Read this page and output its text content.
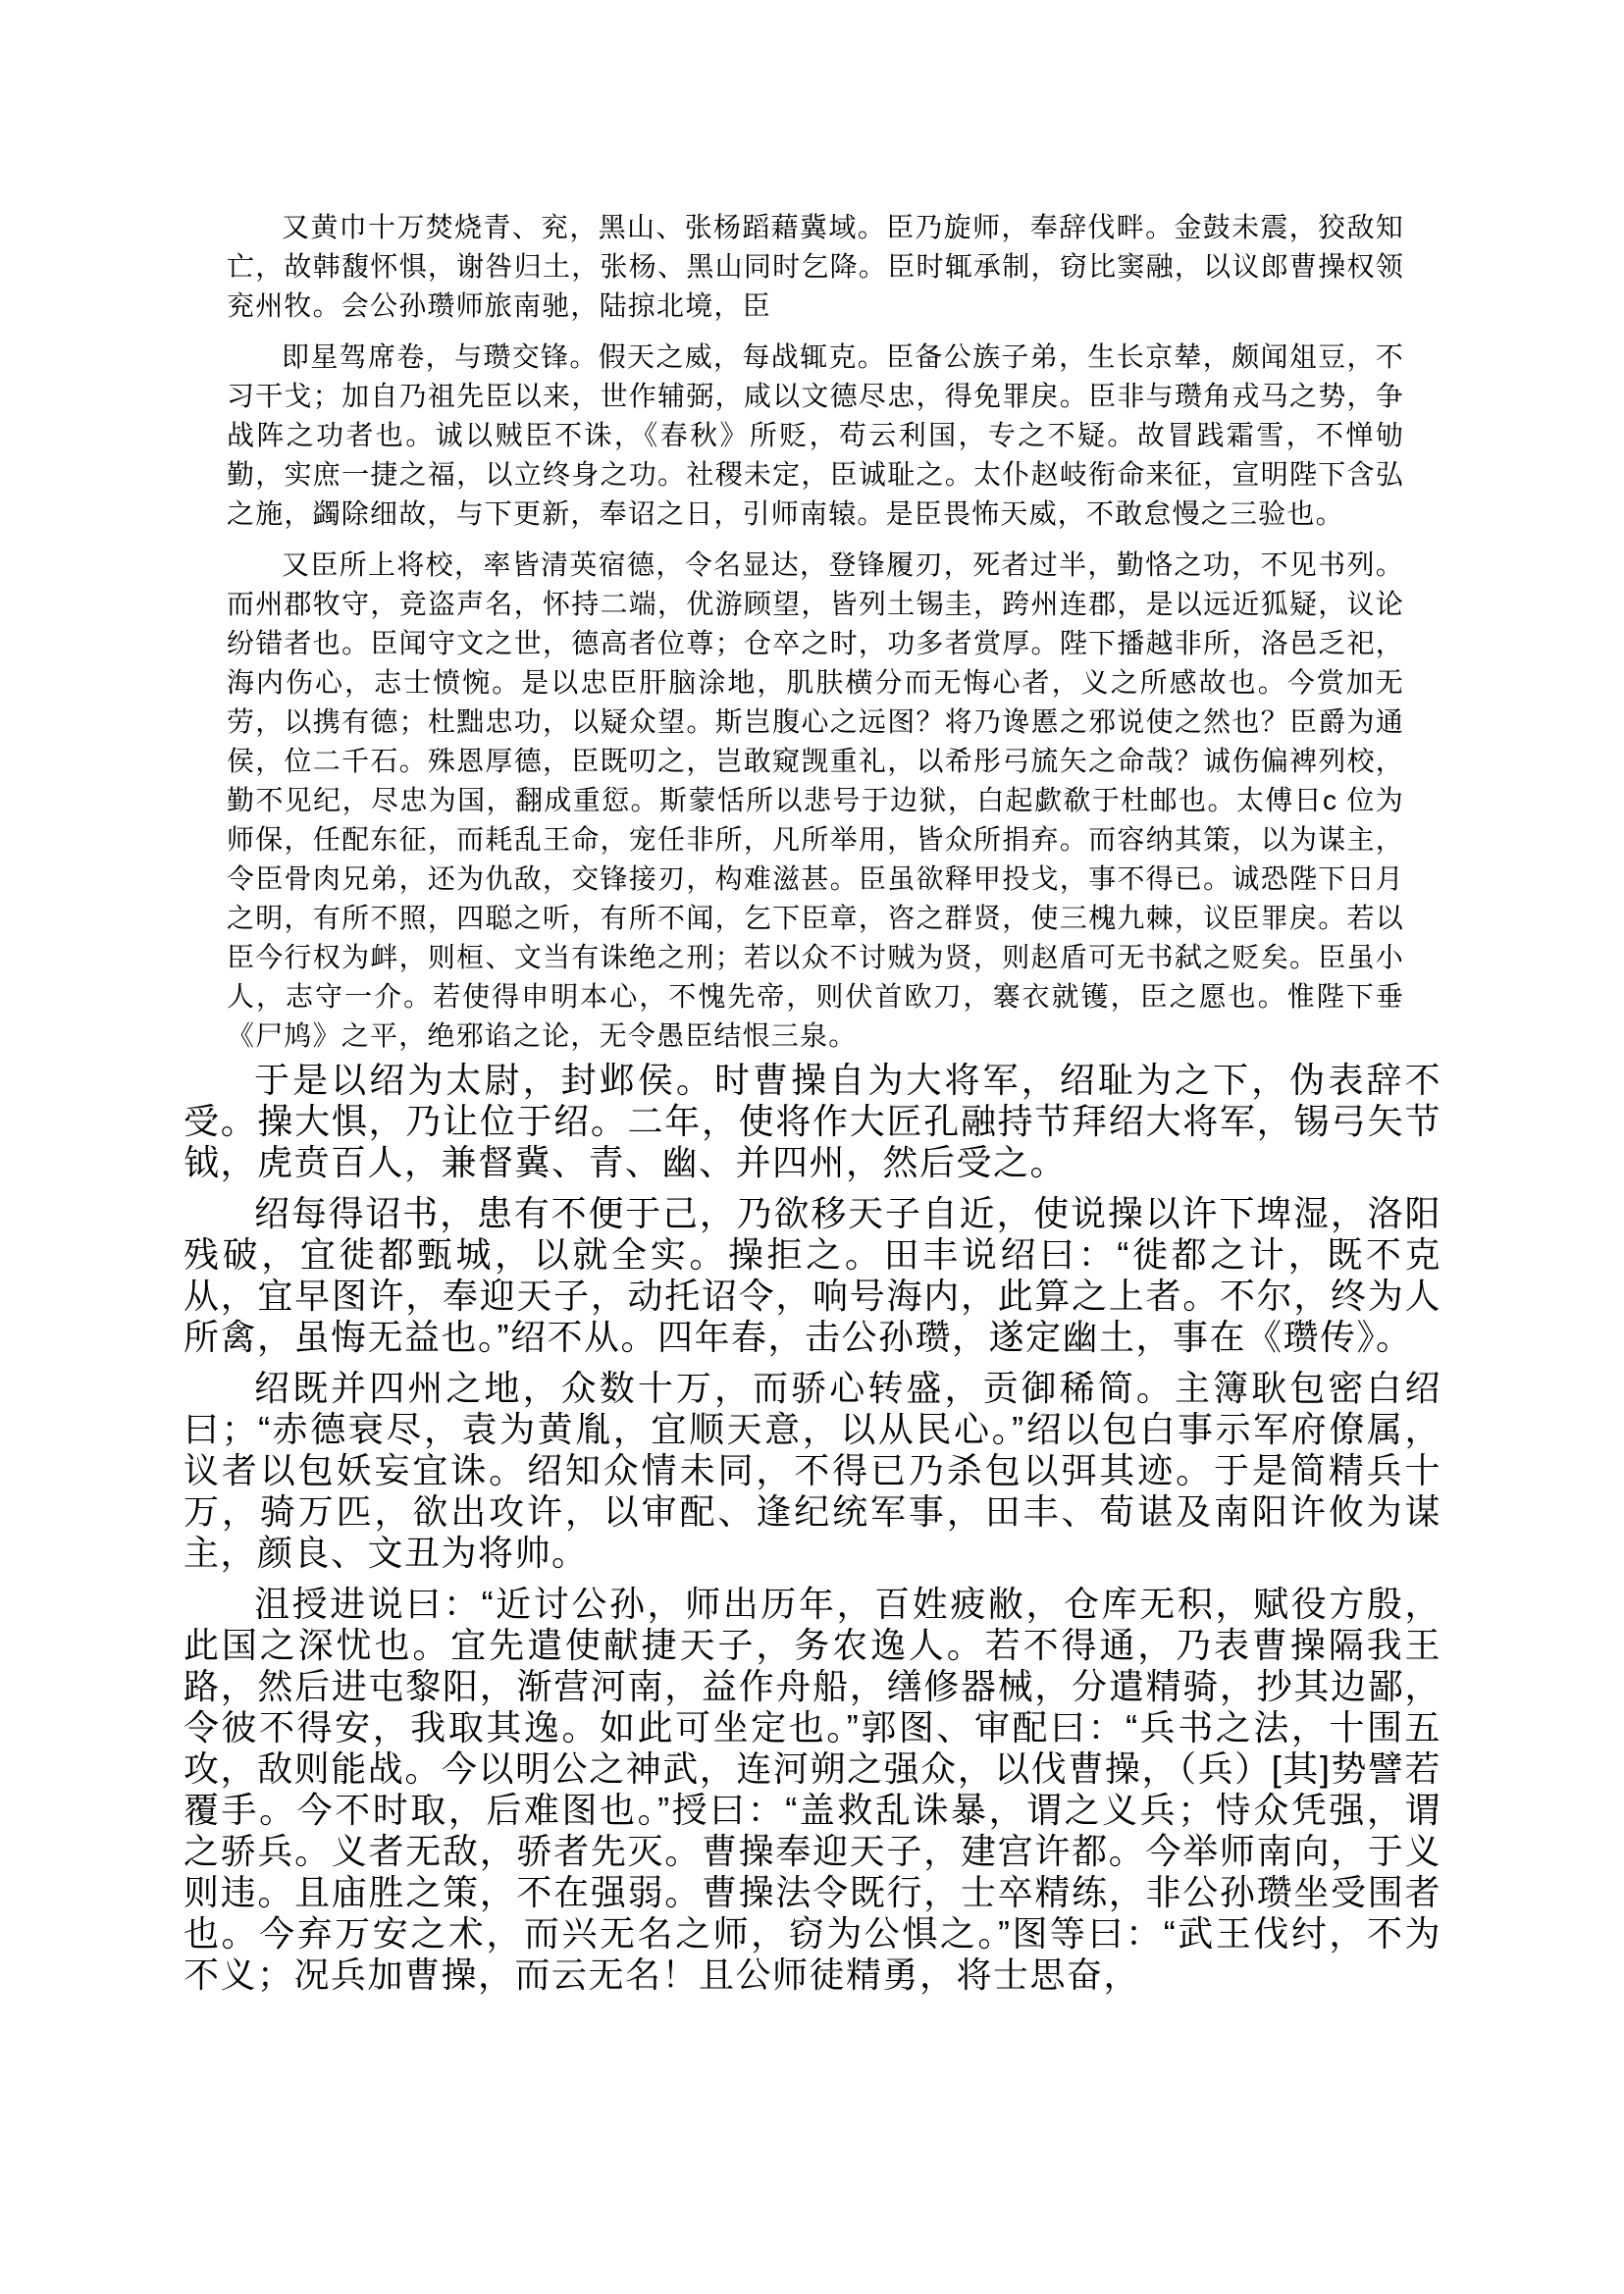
又黄巾十万焚烧青、兖，黑山、张杨蹈藉冀域。臣乃旋师，奉辞伐畔。金鼓未震，狡敌知亡，故韩馥怀惧，谢咎归土，张杨、黑山同时乞降。臣时辄承制，窃比窦融，以议郎曹操权领兖州牧。会公孙瓒师旅南驰，陆掠北境，臣

即星驾席卷，与瓒交锋。假天之威，每战辄克。臣备公族子弟，生长京辇，颇闻俎豆，不习干戈；加自乃祖先臣以来，世作辅弼，咸以文德尽忠，得免罪戾。臣非与瓒角戎马之势，争战阵之功者也。诚以贼臣不诛，《春秋》所贬，苟云利国，专之不疑。故冒践霜雪，不惮劬勤，实庶一捷之福，以立终身之功。社稷未定，臣诚耻之。太仆赵岐衔命来征，宣明陛下含弘之施，蠲除细故，与下更新，奉诏之日，引师南辕。是臣畏怖天威，不敢怠慢之三验也。

又臣所上将校，率皆清英宿德，令名显达，登锋履刃，死者过半，勤恪之功，不见书列。而州郡牧守，竞盗声名，怀持二端，优游顾望，皆列土锡圭，跨州连郡，是以远近狐疑，议论纷错者也。臣闻守文之世，德高者位尊；仓卒之时，功多者赏厚。陛下播越非所，洛邑乏祀，海内伤心，志士愤惋。是以忠臣肝脑涂地，肌肤横分而无悔心者，义之所感故也。今赏加无劳，以携有德；杜黜忠功，以疑众望。斯岂腹心之远图？将乃谗慝之邪说使之然也？臣爵为通侯，位二千石。殊恩厚德，臣既叨之，岂敢窥觊重礼，以希彤弓旈矢之命哉？诚伤偏裨列校，勤不见纪，尽忠为国，翻成重愆。斯蒙恬所以悲号于边狱，白起歔欷于杜邮也。太傅日c 位为师保，任配东征，而耗乱王命，宠任非所，凡所举用，皆众所捐弃。而容纳其策，以为谋主，令臣骨肉兄弟，还为仇敌，交锋接刃，构难滋甚。臣虽欲释甲投戈，事不得已。诚恐陛下日月之明，有所不照，四聪之听，有所不闻，乞下臣章，咨之群贤，使三槐九棘，议臣罪戾。若以臣今行权为衅，则桓、文当有诛绝之刑；若以众不讨贼为贤，则赵盾可无书弑之贬矣。臣虽小人，志守一介。若使得申明本心，不愧先帝，则伏首欧刀，褰衣就镬，臣之愿也。惟陛下垂《尸鸠》之平，绝邪谄之论，无令愚臣结恨三泉。

于是以绍为太尉，封邺侯。时曹操自为大将军，绍耻为之下，伪表辞不受。操大惧，乃让位于绍。二年，使将作大匠孔融持节拜绍大将军，锡弓矢节钺，虎贲百人，兼督冀、青、幽、并四州，然后受之。

绍每得诏书，患有不便于己，乃欲移天子自近，使说操以许下埤湿，洛阳残破，宜徙都甄城，以就全实。操拒之。田丰说绍曰：“徙都之计，既不克从，宜早图许，奉迎天子，动托诏令，响号海内，此算之上者。不尔，终为人所禽，虽悔无益也。”绍不从。四年春，击公孙瓒，遂定幽土，事在《瓒传》。

绍既并四州之地，众数十万，而骄心转盛，贡御稀简。主簿耿包密白绍曰；“赤德衰尽，袁为黄胤，宜顺天意，以从民心。”绍以包白事示军府僚属，议者以包妖妄宜诛。绍知众情未同，不得已乃杀包以弭其迹。于是简精兵十万，骑万匹，欲出攻许，以审配、逢纪统军事，田丰、荀谌及南阳许攸为谋主，颜良、文丑为将帅。

沮授进说曰：“近讨公孙，师出历年，百姓疲敝，仓库无积，赋役方殷，此国之深忧也。宜先遣使献捷天子，务农逸人。若不得通，乃表曹操隔我王路，然后进屯黎阳，渐营河南，益作舟船，缮修器械，分遣精骑，抄其边鄙，令彼不得安，我取其逸。如此可坐定也。”郭图、审配曰：“兵书之法，十围五攻，敌则能战。今以明公之神武，连河朔之强众，以伐曹操，（兵）[其]势譬若覆手。今不时取，后难图也。”授曰：“盖救乱诛暴，谓之义兵；恃众凭强，谓之骄兵。义者无敌，骄者先灭。曹操奉迎天子，建宫许都。今举师南向，于义则违。且庙胜之策，不在强弱。曹操法令既行，士卒精练，非公孙瓒坐受围者也。今弃万安之术，而兴无名之师，窃为公惧之。”图等曰：“武王伐纣，不为不义；况兵加曹操，而云无名！且公师徒精勇，将士思奋，
